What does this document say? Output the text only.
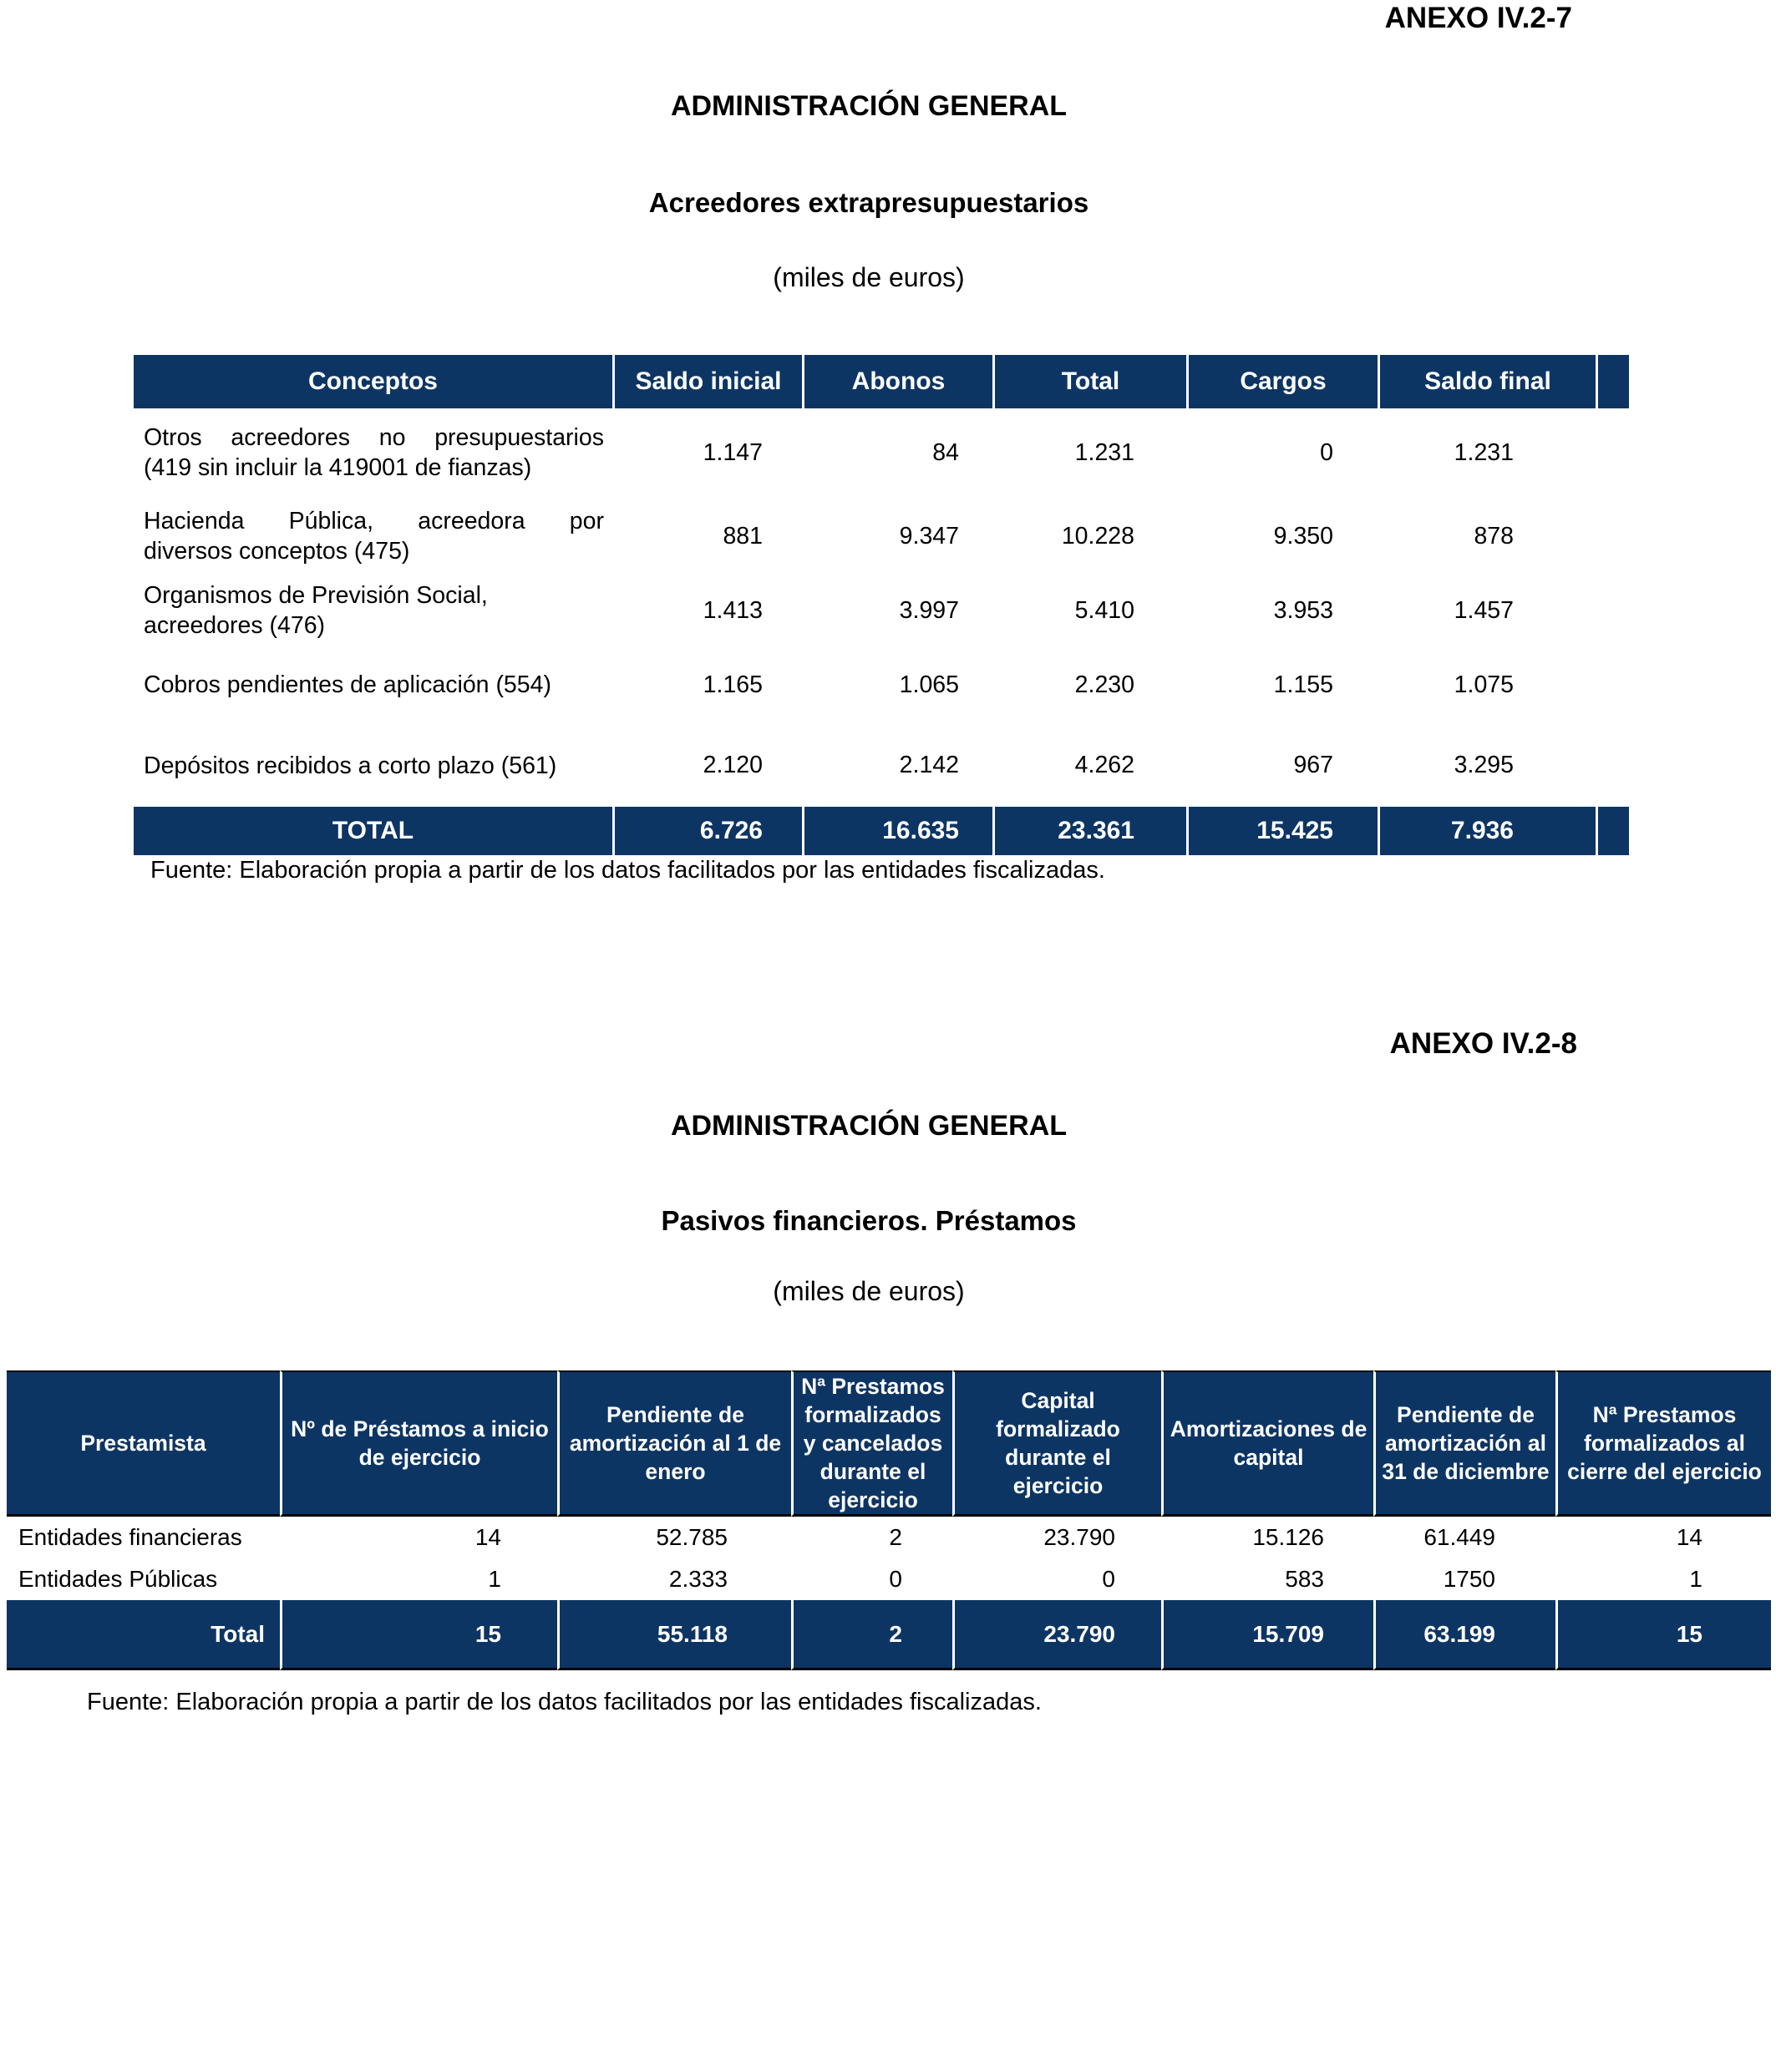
ANEXO IV.2-7
ADMINISTRACIÓN GENERAL
Acreedores extrapresupuestarios
(miles de euros)
Conceptos	Saldo inicial	Abonos	Total	Cargos	Saldo final	

Otros acreedores no presupuestarios
(419 sin incluir la 419001 de fianzas)	1.147	84	1.231	0	1.231	

Hacienda Pública, acreedora por
diversos conceptos (475)	881	9.347	10.228	9.350	878	

Organismos de Previsión Social,
acreedores (476)	1.413	3.997	5.410	3.953	1.457	

Cobros pendientes de aplicación (554)	1.165	1.065	2.230	1.155	1.075	

Depósitos recibidos a corto plazo (561)	2.120	2.142	4.262	967	3.295	
TOTAL	6.726	16.635	23.361	15.425	7.936	
Fuente: Elaboración propia a partir de los datos facilitados por las entidades fiscalizadas.
ANEXO IV.2-8
ADMINISTRACIÓN GENERAL
Pasivos financieros. Préstamos
(miles de euros)
Prestamista	Nº de Préstamos a inicio de ejercicio	Pendiente de amortización al 1 de enero	Nª Prestamos formalizados y cancelados durante el ejercicio	Capital formalizado durante el ejercicio	Amortizaciones de capital	Pendiente de amortización al 31 de diciembre	Nª Prestamos formalizados al cierre del ejercicio
Entidades financieras	14	52.785	2	23.790	15.126	61.449	14
Entidades Públicas	1	2.333	0	0	583	1750	1
Total	15	55.118	2	23.790	15.709	63.199	15
Fuente: Elaboración propia a partir de los datos facilitados por las entidades fiscalizadas.
